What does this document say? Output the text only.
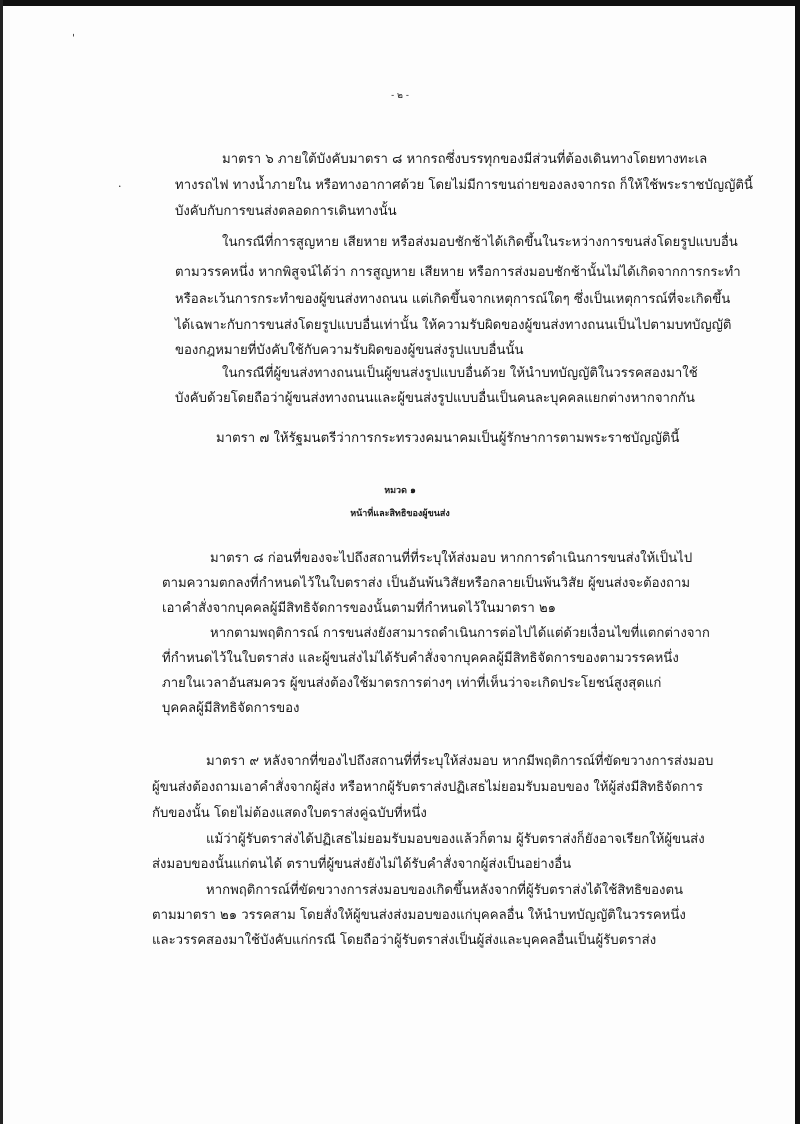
ˌ
·
- ๒ -
มาตรา ๖ ภายใต้บังคับมาตรา ๘ หากรถซึ่งบรรทุกของมีส่วนที่ต้องเดินทางโดยทางทะเล
ทางรถไฟ ทางน้ำภายใน หรือทางอากาศด้วย โดยไม่มีการขนถ่ายของลงจากรถ ก็ให้ใช้พระราชบัญญัตินี้
บังคับกับการขนส่งตลอดการเดินทางนั้น
ในกรณีที่การสูญหาย เสียหาย หรือส่งมอบชักช้าได้เกิดขึ้นในระหว่างการขนส่งโดยรูปแบบอื่น
ตามวรรคหนึ่ง หากพิสูจน์ได้ว่า การสูญหาย เสียหาย หรือการส่งมอบชักช้านั้นไม่ได้เกิดจากการกระทำ
หรือละเว้นการกระทำของผู้ขนส่งทางถนน แต่เกิดขึ้นจากเหตุการณ์ใดๆ ซึ่งเป็นเหตุการณ์ที่จะเกิดขึ้น
ได้เฉพาะกับการขนส่งโดยรูปแบบอื่นเท่านั้น ให้ความรับผิดของผู้ขนส่งทางถนนเป็นไปตามบทบัญญัติ
ของกฎหมายที่บังคับใช้กับความรับผิดของผู้ขนส่งรูปแบบอื่นนั้น
ในกรณีที่ผู้ขนส่งทางถนนเป็นผู้ขนส่งรูปแบบอื่นด้วย ให้นำบทบัญญัติในวรรคสองมาใช้
บังคับด้วยโดยถือว่าผู้ขนส่งทางถนนและผู้ขนส่งรูปแบบอื่นเป็นคนละบุคคลแยกต่างหากจากกัน
มาตรา ๗ ให้รัฐมนตรีว่าการกระทรวงคมนาคมเป็นผู้รักษาการตามพระราชบัญญัตินี้
หมวด ๑
หน้าที่และสิทธิของผู้ขนส่ง
มาตรา ๘ ก่อนที่ของจะไปถึงสถานที่ที่ระบุให้ส่งมอบ หากการดำเนินการขนส่งให้เป็นไป
ตามความตกลงที่กำหนดไว้ในใบตราส่ง เป็นอันพ้นวิสัยหรือกลายเป็นพ้นวิสัย ผู้ขนส่งจะต้องถาม
เอาคำสั่งจากบุคคลผู้มีสิทธิจัดการของนั้นตามที่กำหนดไว้ในมาตรา ๒๑
หากตามพฤติการณ์ การขนส่งยังสามารถดำเนินการต่อไปได้แต่ด้วยเงื่อนไขที่แตกต่างจาก
ที่กำหนดไว้ในใบตราส่ง และผู้ขนส่งไม่ได้รับคำสั่งจากบุคคลผู้มีสิทธิจัดการของตามวรรคหนึ่ง
ภายในเวลาอันสมควร ผู้ขนส่งต้องใช้มาตรการต่างๆ เท่าที่เห็นว่าจะเกิดประโยชน์สูงสุดแก่
บุคคลผู้มีสิทธิจัดการของ
มาตรา ๙ หลังจากที่ของไปถึงสถานที่ที่ระบุให้ส่งมอบ หากมีพฤติการณ์ที่ขัดขวางการส่งมอบ
ผู้ขนส่งต้องถามเอาคำสั่งจากผู้ส่ง หรือหากผู้รับตราส่งปฏิเสธไม่ยอมรับมอบของ ให้ผู้ส่งมีสิทธิจัดการ
กับของนั้น โดยไม่ต้องแสดงใบตราส่งคู่ฉบับที่หนึ่ง
แม้ว่าผู้รับตราส่งได้ปฏิเสธไม่ยอมรับมอบของแล้วก็ตาม ผู้รับตราส่งก็ยังอาจเรียกให้ผู้ขนส่ง
ส่งมอบของนั้นแก่ตนได้ ตราบที่ผู้ขนส่งยังไม่ได้รับคำสั่งจากผู้ส่งเป็นอย่างอื่น
หากพฤติการณ์ที่ขัดขวางการส่งมอบของเกิดขึ้นหลังจากที่ผู้รับตราส่งได้ใช้สิทธิของตน
ตามมาตรา ๒๑ วรรคสาม โดยสั่งให้ผู้ขนส่งส่งมอบของแก่บุคคลอื่น ให้นำบทบัญญัติในวรรคหนึ่ง
และวรรคสองมาใช้บังคับแก่กรณี โดยถือว่าผู้รับตราส่งเป็นผู้ส่งและบุคคลอื่นเป็นผู้รับตราส่ง
